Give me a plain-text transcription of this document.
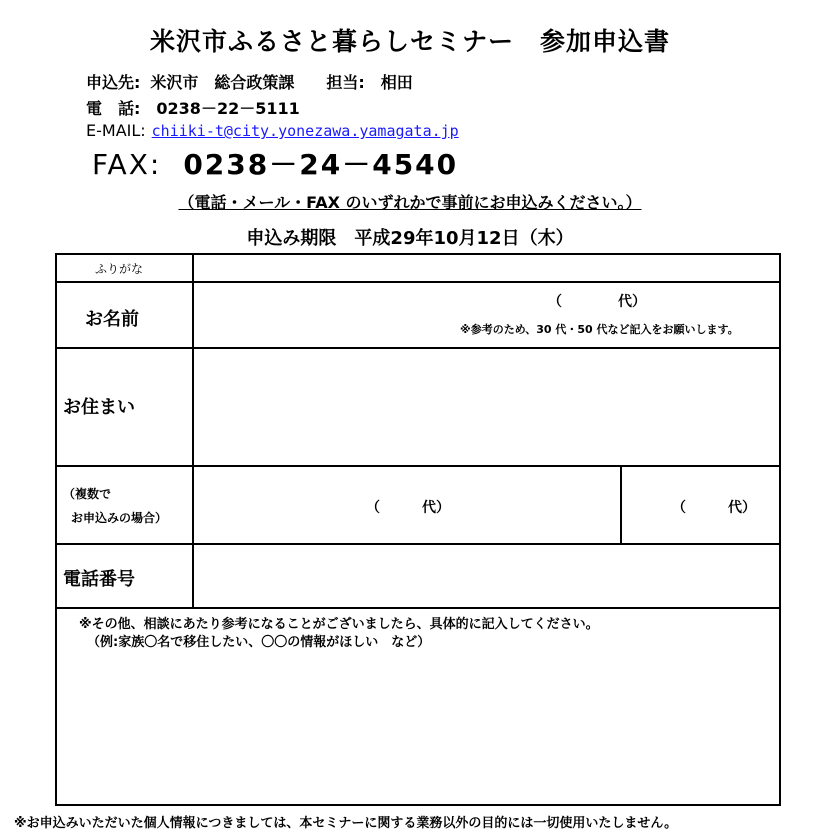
米沢市ふるさと暮らしセミナー　参加申込書
申込先: 米沢市　総合政策課　　担当:　相田
電　話: 0238－22－5111
E-MAIL: chiiki-t@city.yonezawa.yamagata.jp
FAX: 0238－24－4540
（電話・メール・FAX のいずれかで事前にお申込みください。）
申込み期限　平成29年10月12日（木）
ふりがな
お名前
（　　　　代）
※参考のため、30 代・50 代など記入をお願いします。
お住まい
（複数で
お申込みの場合）
（　　　代）	（　　　代）
電話番号
※その他、相談にあたり参考になることがございましたら、具体的に記入してください。
（例:家族〇名で移住したい、〇〇の情報がほしい　など）
※お申込みいただいた個人情報につきましては、本セミナーに関する業務以外の目的には一切使用いたしません。
